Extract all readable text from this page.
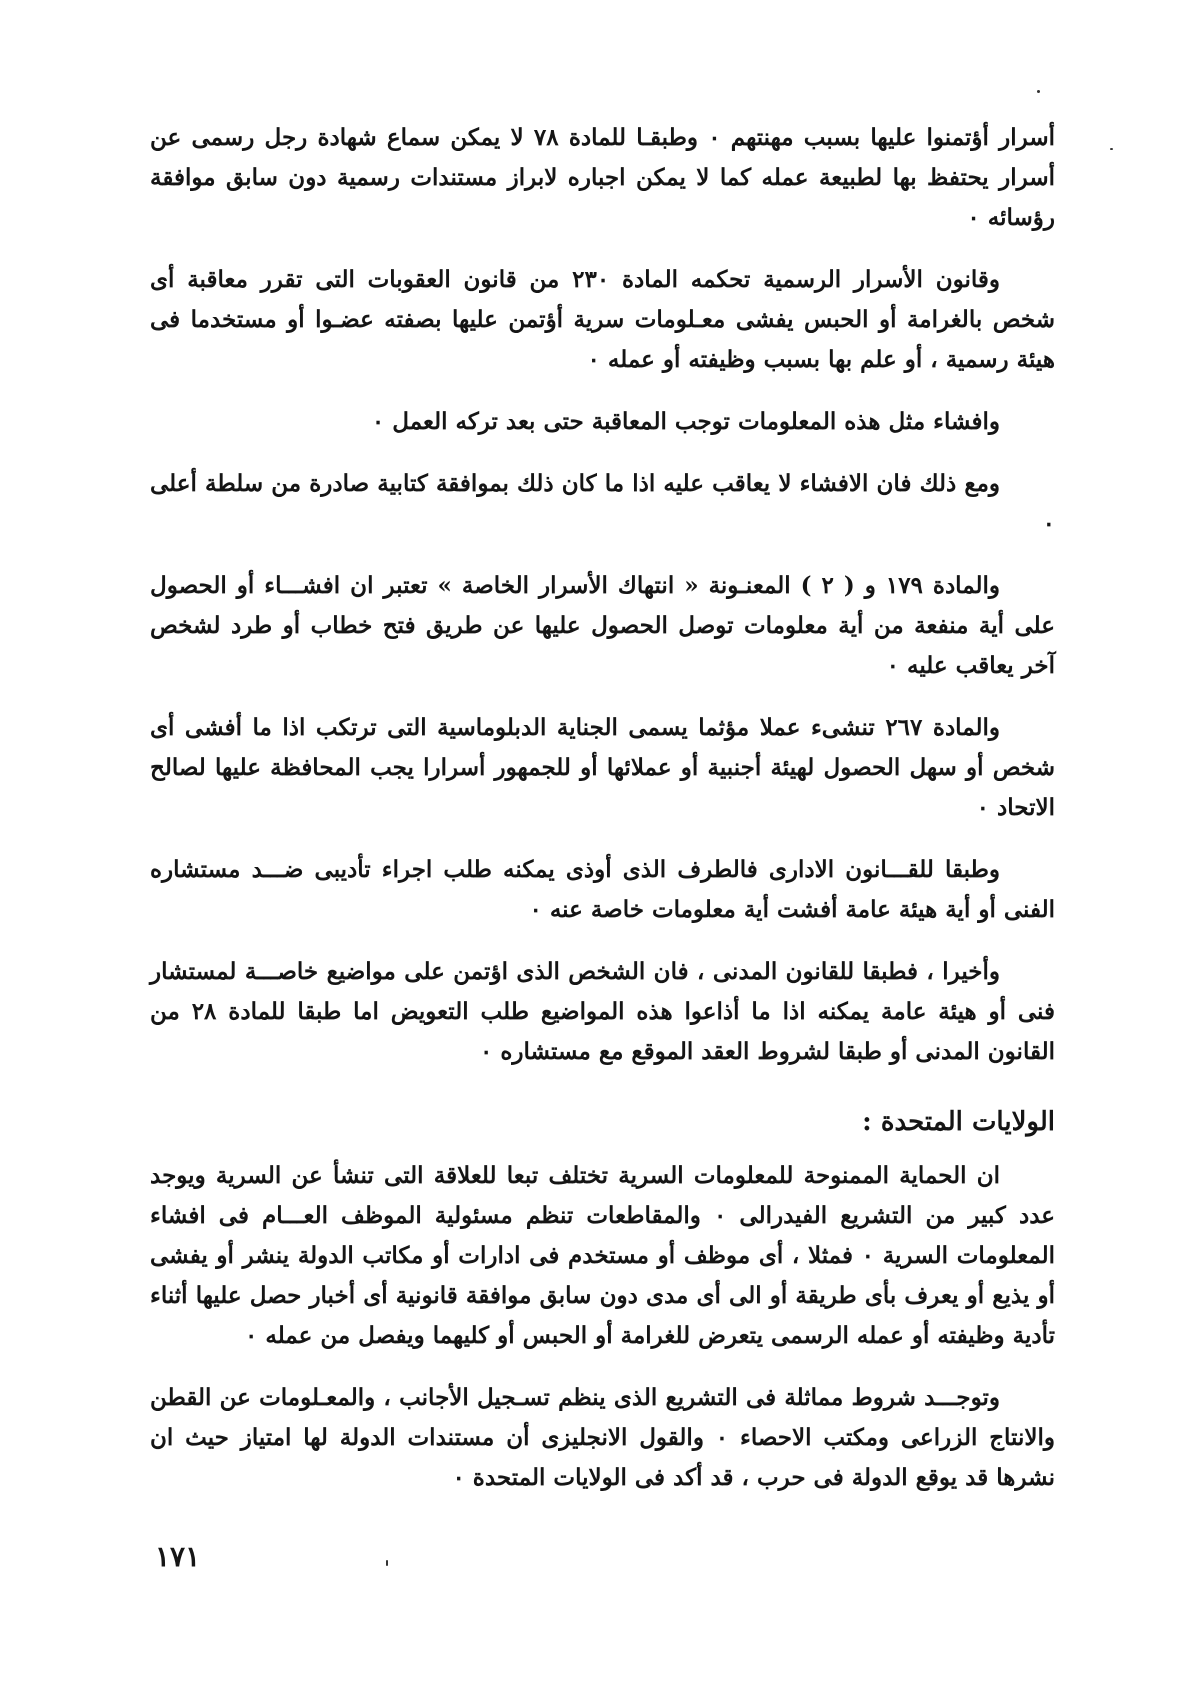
أسرار أؤتمنوا عليها بسبب مهنتهم ٠ وطبقـا للمادة ٧٨ لا يمكن سماع شهادة رجل رسمى عن أسرار يحتفظ بها لطبيعة عمله كما لا يمكن اجباره لابراز مستندات رسمية دون سابق موافقة رؤسائه ٠

وقانون الأسرار الرسمية تحكمه المادة ٢٣٠ من قانون العقوبات التى تقرر معاقبة أى شخص بالغرامة أو الحبس يفشى معـلومات سرية أؤتمن عليها بصفته عضـوا أو مستخدما فى هيئة رسمية ، أو علم بها بسبب وظيفته أو عمله ٠

وافشاء مثل هذه المعلومات توجب المعاقبة حتى بعد تركه العمل ٠

ومع ذلك فان الافشاء لا يعاقب عليه اذا ما كان ذلك بموافقة كتابية صادرة من سلطة أعلى ٠

والمادة ١٧٩ و ( ٢ ) المعنـونة « انتهاك الأسرار الخاصة » تعتبر ان افشـــاء أو الحصول على أية منفعة من أية معلومات توصل الحصول عليها عن طريق فتح خطاب أو طرد لشخص آخر يعاقب عليه ٠

والمادة ٢٦٧ تنشىء عملا مؤثما يسمى الجناية الدبلوماسية التى ترتكب اذا ما أفشى أى شخص أو سهل الحصول لهيئة أجنبية أو عملائها أو للجمهور أسرارا يجب المحافظة عليها لصالح الاتحاد ٠

وطبقا للقـــانون الادارى فالطرف الذى أوذى يمكنه طلب اجراء تأديبى ضـــد مستشاره الفنى أو أية هيئة عامة أفشت أية معلومات خاصة عنه ٠

وأخيرا ، فطبقا للقانون المدنى ، فان الشخص الذى اؤتمن على مواضيع خاصـــة لمستشار فنى أو هيئة عامة يمكنه اذا ما أذاعوا هذه المواضيع طلب التعويض اما طبقا للمادة ٢٨ من القانون المدنى أو طبقا لشروط العقد الموقع مع مستشاره ٠

الولايات المتحدة :

ان الحماية الممنوحة للمعلومات السرية تختلف تبعا للعلاقة التى تنشأ عن السرية ويوجد عدد كبير من التشريع الفيدرالى ٠ والمقاطعات تنظم مسئولية الموظف العـــام فى افشاء المعلومات السرية ٠ فمثلا ، أى موظف أو مستخدم فى ادارات أو مكاتب الدولة ينشر أو يفشى أو يذيع أو يعرف بأى طريقة أو الى أى مدى دون سابق موافقة قانونية أى أخبار حصل عليها أثناء تأدية وظيفته أو عمله الرسمى يتعرض للغرامة أو الحبس أو كليهما ويفصل من عمله ٠

وتوجـــد شروط مماثلة فى التشريع الذى ينظم تسـجيل الأجانب ، والمعـلومات عن القطن والانتاج الزراعى ومكتب الاحصاء ٠ والقول الانجليزى أن مستندات الدولة لها امتياز حيث ان نشرها قد يوقع الدولة فى حرب ، قد أكد فى الولايات المتحدة ٠

١٧١
